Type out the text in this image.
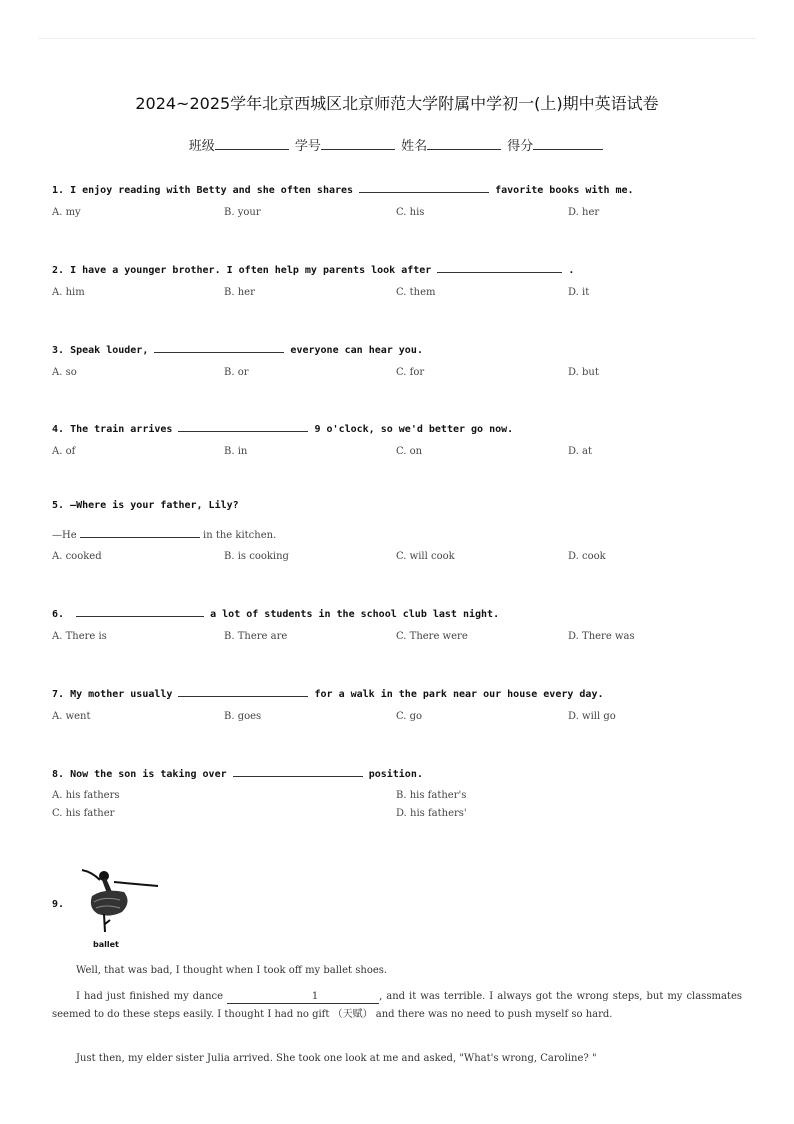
2024~2025学年北京西城区北京师范大学附属中学初一(上)期中英语试卷
班级	学号	姓名	得分
1. I enjoy reading with Betty and she often shares	favorite books with me.
A. my	B. your	C. his	D. her
2. I have a younger brother. I often help my parents look after	.
A. him	B. her	C. them	D. it
3. Speak louder,	everyone can hear you.
A. so	B. or	C. for	D. but
4. The train arrives	9 o'clock, so we'd better go now.
A. of	B. in	C. on	D. at
5. —Where is your father, Lily?
—He	in the kitchen.
A. cooked	B. is cooking	C. will cook	D. cook
6.	a lot of students in the school club last night.
A. There is	B. There are	C. There were	D. There was
7. My mother usually	for a walk in the park near our house every day.
A. went	B. goes	C. go	D. will go
8. Now the son is taking over	position.
A. his fathers	B. his father's
C. his father	D. his fathers'
9.
ballet
Well, that was bad, I thought when I took off my ballet shoes.
I had just finished my dance	1	, and it was terrible. I always got the wrong steps, but my classmates seemed to do these steps easily. I thought I had no gift （天赋） and there was no need to push myself so hard.
Just then, my elder sister Julia arrived. She took one look at me and asked, "What's wrong, Caroline? "
